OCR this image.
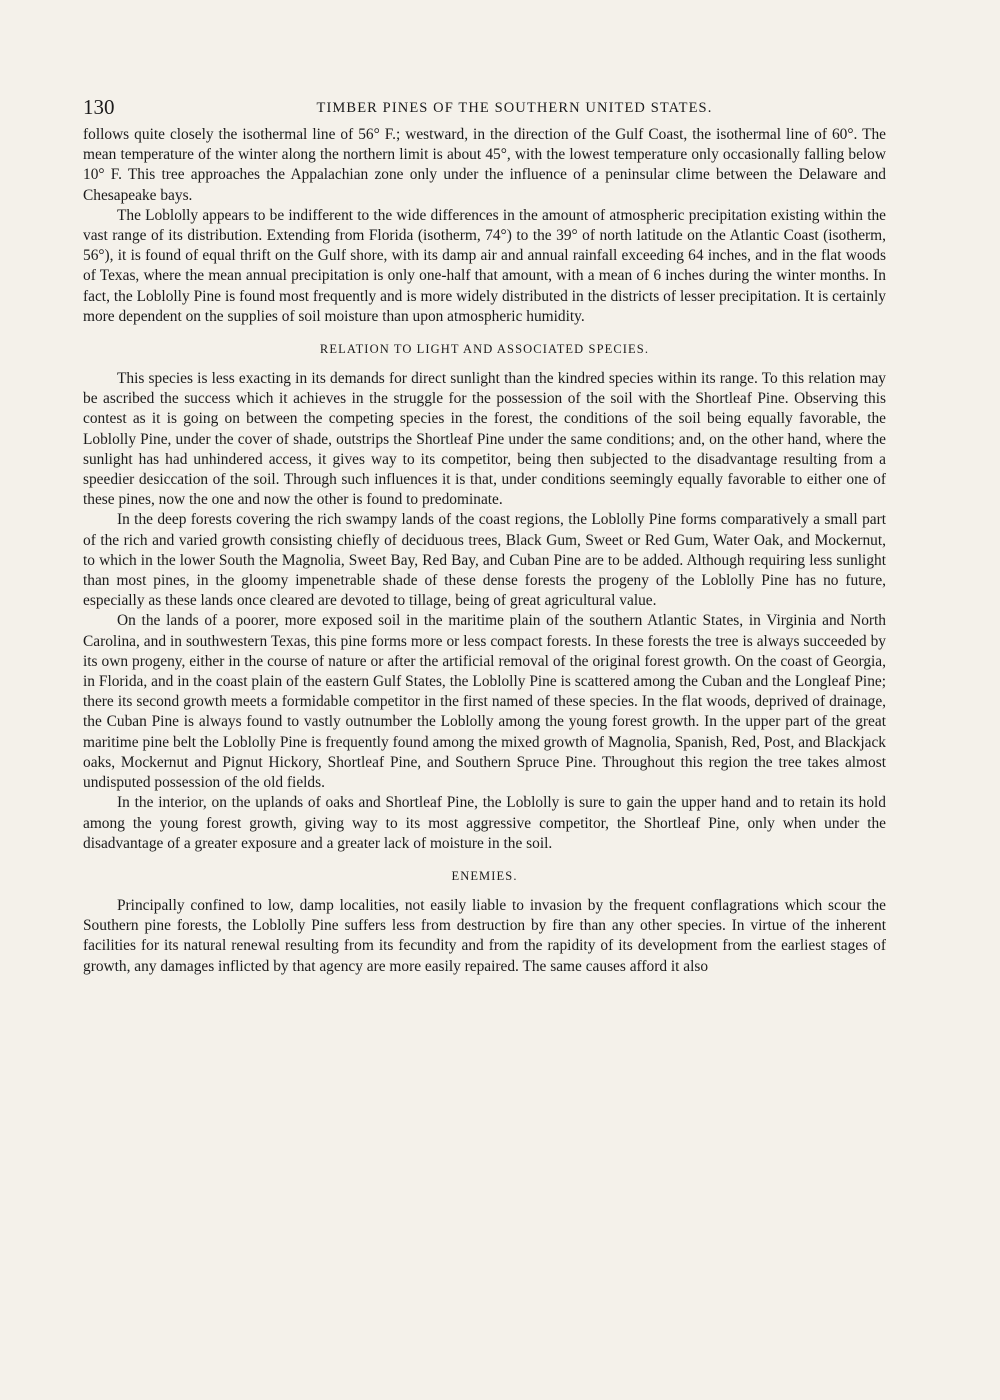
130	TIMBER PINES OF THE SOUTHERN UNITED STATES.

follows quite closely the isothermal line of 56° F.; westward, in the direction of the Gulf Coast, the isothermal line of 60°. The mean temperature of the winter along the northern limit is about 45°, with the lowest temperature only occasionally falling below 10° F. This tree approaches the Appalachian zone only under the influence of a peninsular clime between the Delaware and Chesapeake bays.

The Loblolly appears to be indifferent to the wide differences in the amount of atmospheric precipitation existing within the vast range of its distribution. Extending from Florida (isotherm, 74°) to the 39° of north latitude on the Atlantic Coast (isotherm, 56°), it is found of equal thrift on the Gulf shore, with its damp air and annual rainfall exceeding 64 inches, and in the flat woods of Texas, where the mean annual precipitation is only one-half that amount, with a mean of 6 inches during the winter months. In fact, the Loblolly Pine is found most frequently and is more widely distributed in the districts of lesser precipitation. It is certainly more dependent on the supplies of soil moisture than upon atmospheric humidity.

RELATION TO LIGHT AND ASSOCIATED SPECIES.

This species is less exacting in its demands for direct sunlight than the kindred species within its range. To this relation may be ascribed the success which it achieves in the struggle for the possession of the soil with the Shortleaf Pine. Observing this contest as it is going on between the competing species in the forest, the conditions of the soil being equally favorable, the Loblolly Pine, under the cover of shade, outstrips the Shortleaf Pine under the same conditions; and, on the other hand, where the sunlight has had unhindered access, it gives way to its competitor, being then subjected to the disadvantage resulting from a speedier desiccation of the soil. Through such influences it is that, under conditions seemingly equally favorable to either one of these pines, now the one and now the other is found to predominate.

In the deep forests covering the rich swampy lands of the coast regions, the Loblolly Pine forms comparatively a small part of the rich and varied growth consisting chiefly of deciduous trees, Black Gum, Sweet or Red Gum, Water Oak, and Mockernut, to which in the lower South the Magnolia, Sweet Bay, Red Bay, and Cuban Pine are to be added. Although requiring less sunlight than most pines, in the gloomy impenetrable shade of these dense forests the progeny of the Loblolly Pine has no future, especially as these lands once cleared are devoted to tillage, being of great agricultural value.

On the lands of a poorer, more exposed soil in the maritime plain of the southern Atlantic States, in Virginia and North Carolina, and in southwestern Texas, this pine forms more or less compact forests. In these forests the tree is always succeeded by its own progeny, either in the course of nature or after the artificial removal of the original forest growth. On the coast of Georgia, in Florida, and in the coast plain of the eastern Gulf States, the Loblolly Pine is scattered among the Cuban and the Longleaf Pine; there its second growth meets a formidable competitor in the first named of these species. In the flat woods, deprived of drainage, the Cuban Pine is always found to vastly outnumber the Loblolly among the young forest growth. In the upper part of the great maritime pine belt the Loblolly Pine is frequently found among the mixed growth of Magnolia, Spanish, Red, Post, and Blackjack oaks, Mockernut and Pignut Hickory, Shortleaf Pine, and Southern Spruce Pine. Throughout this region the tree takes almost undisputed possession of the old fields.

In the interior, on the uplands of oaks and Shortleaf Pine, the Loblolly is sure to gain the upper hand and to retain its hold among the young forest growth, giving way to its most aggressive competitor, the Shortleaf Pine, only when under the disadvantage of a greater exposure and a greater lack of moisture in the soil.

ENEMIES.

Principally confined to low, damp localities, not easily liable to invasion by the frequent conflagrations which scour the Southern pine forests, the Loblolly Pine suffers less from destruction by fire than any other species. In virtue of the inherent facilities for its natural renewal resulting from its fecundity and from the rapidity of its development from the earliest stages of growth, any damages inflicted by that agency are more easily repaired. The same causes afford it also
